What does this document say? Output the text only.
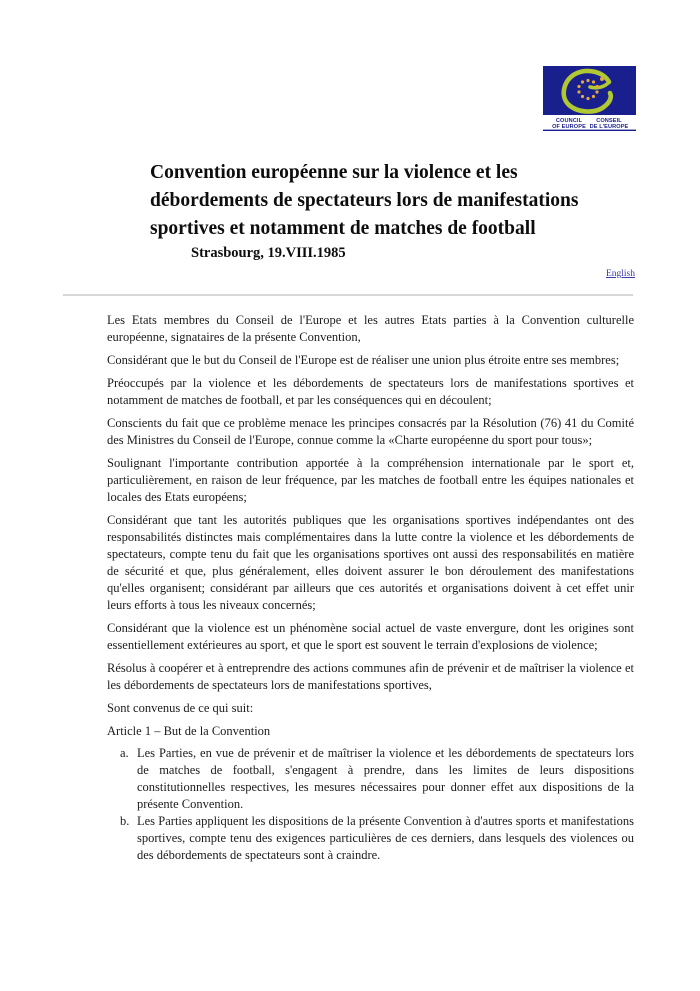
COUNCIL
OF EUROPE
CONSEIL
DE L'EUROPE
Convention européenne sur la violence et les
débordements de spectateurs lors de manifestations
sportives et notamment de matches de football
Strasbourg, 19.VIII.1985
English

Les Etats membres du Conseil de l'Europe et les autres Etats parties à la Convention culturelle européenne, signataires de la présente Convention,

Considérant que le but du Conseil de l'Europe est de réaliser une union plus étroite entre ses membres;

Préoccupés par la violence et les débordements de spectateurs lors de manifestations sportives et notamment de matches de football, et par les conséquences qui en découlent;

Conscients du fait que ce problème menace les principes consacrés par la Résolution (76) 41 du Comité des Ministres du Conseil de l'Europe, connue comme la «Charte européenne du sport pour tous»;

Soulignant l'importante contribution apportée à la compréhension internationale par le sport et, particulièrement, en raison de leur fréquence, par les matches de football entre les équipes nationales et locales des Etats européens;

Considérant que tant les autorités publiques que les organisations sportives indépendantes ont des responsabilités distinctes mais complémentaires dans la lutte contre la violence et les débordements de spectateurs, compte tenu du fait que les organisations sportives ont aussi des responsabilités en matière de sécurité et que, plus généralement, elles doivent assurer le bon déroulement des manifestations qu'elles organisent; considérant par ailleurs que ces autorités et organisations doivent à cet effet unir leurs efforts à tous les niveaux concernés;

Considérant que la violence est un phénomène social actuel de vaste envergure, dont les origines sont essentiellement extérieures au sport, et que le sport est souvent le terrain d'explosions de violence;

Résolus à coopérer et à entreprendre des actions communes afin de prévenir et de maîtriser la violence et les débordements de spectateurs lors de manifestations sportives,

Sont convenus de ce qui suit:

Article 1 – But de la Convention

a. Les Parties, en vue de prévenir et de maîtriser la violence et les débordements de spectateurs lors de matches de football, s'engagent à prendre, dans les limites de leurs dispositions constitutionnelles respectives, les mesures nécessaires pour donner effet aux dispositions de la présente Convention.
b. Les Parties appliquent les dispositions de la présente Convention à d'autres sports et manifestations sportives, compte tenu des exigences particulières de ces derniers, dans lesquels des violences ou des débordements de spectateurs sont à craindre.
